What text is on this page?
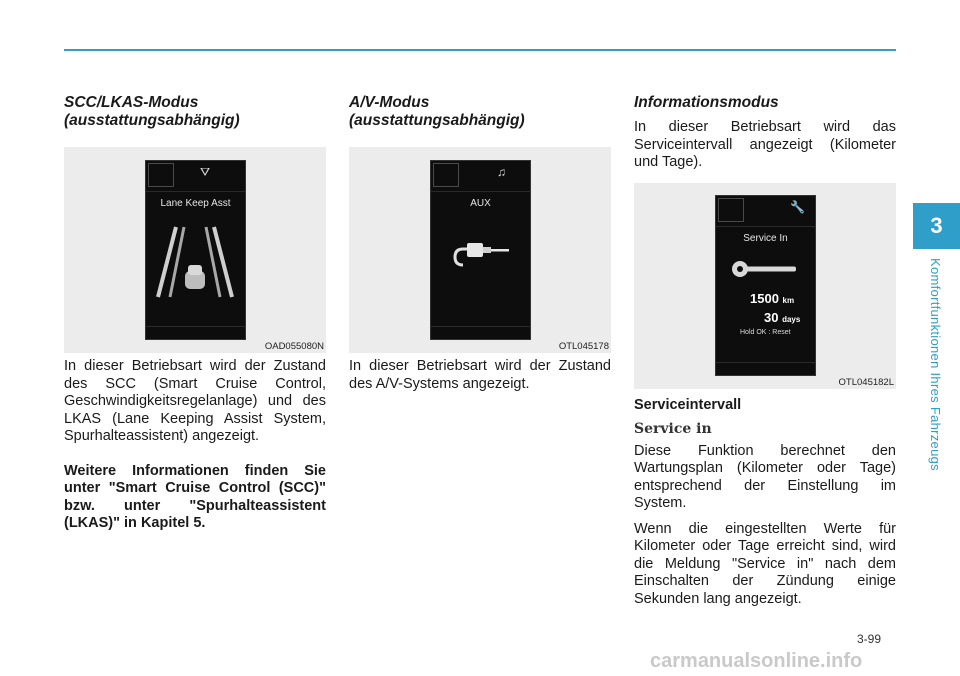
3
Komfortfunktionen Ihres Fahrzeugs
SCC/LKAS-Modus
(ausstattungsabhängig)
⛛
Lane Keep Asst
OAD055080N

In dieser Betriebsart wird der Zustand des SCC (Smart Cruise Control, Geschwindigkeitsregelanlage) und des LKAS (Lane Keeping Assist System, Spurhalteassistent) angezeigt.

Weitere Informationen finden Sie unter "Smart Cruise Control (SCC)" bzw. unter "Spurhalteassistent (LKAS)" in Kapitel 5.

A/V-Modus
(ausstattungsabhängig)
♫
AUX
OTL045178

In dieser Betriebsart wird der Zustand des A/V-Systems angezeigt.

Informationsmodus

In dieser Betriebsart wird das Serviceintervall angezeigt (Kilometer und Tage).

🔧
Service In
1500 km
30 days
Hold OK : Reset
OTL045182L

Serviceintervall

Service in

Diese Funktion berechnet den Wartungsplan (Kilometer oder Tage) entsprechend der Einstellung im System.

Wenn die eingestellten Werte für Kilometer oder Tage erreicht sind, wird die Meldung "Service in" nach dem Einschalten der Zündung einige Sekunden lang angezeigt.

3-99
carmanualsonline.info
